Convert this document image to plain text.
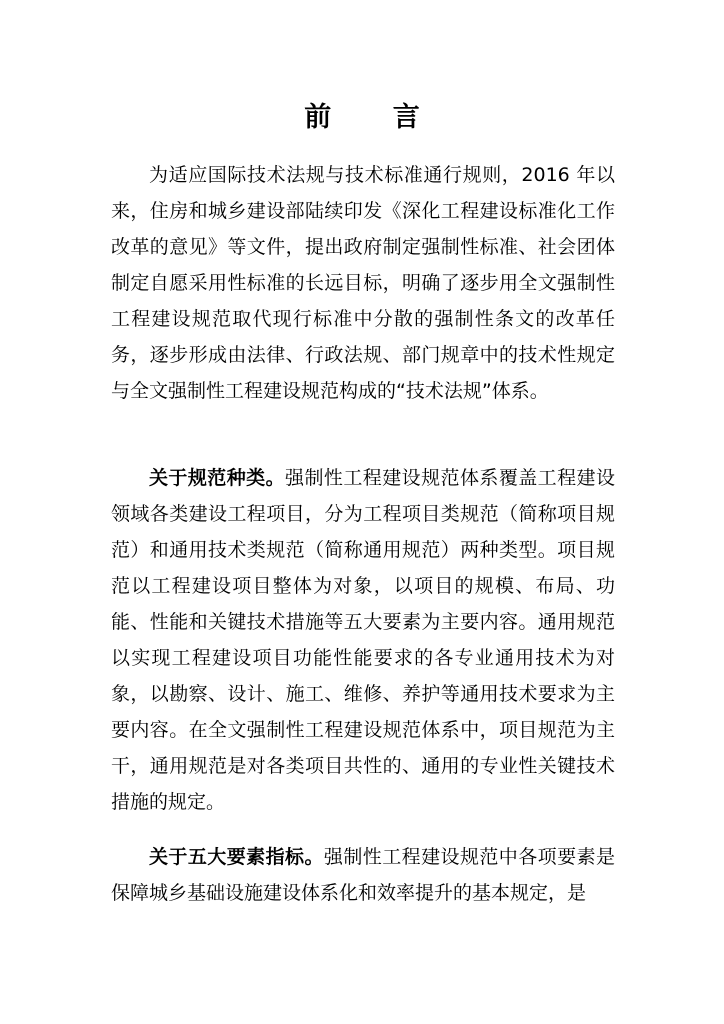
前 言

为适应国际技术法规与技术标准通行规则，2016 年以来，住房和城乡建设部陆续印发《深化工程建设标准化工作改革的意见》等文件，提出政府制定强制性标准、社会团体制定自愿采用性标准的长远目标，明确了逐步用全文强制性工程建设规范取代现行标准中分散的强制性条文的改革任务，逐步形成由法律、行政法规、部门规章中的技术性规定与全文强制性工程建设规范构成的“技术法规”体系。

关于规范种类。强制性工程建设规范体系覆盖工程建设领域各类建设工程项目，分为工程项目类规范（简称项目规范）和通用技术类规范（简称通用规范）两种类型。项目规范以工程建设项目整体为对象，以项目的规模、布局、功能、性能和关键技术措施等五大要素为主要内容。通用规范以实现工程建设项目功能性能要求的各专业通用技术为对象，以勘察、设计、施工、维修、养护等通用技术要求为主要内容。在全文强制性工程建设规范体系中，项目规范为主干，通用规范是对各类项目共性的、通用的专业性关键技术措施的规定。

关于五大要素指标。强制性工程建设规范中各项要素是保障城乡基础设施建设体系化和效率提升的基本规定，是
